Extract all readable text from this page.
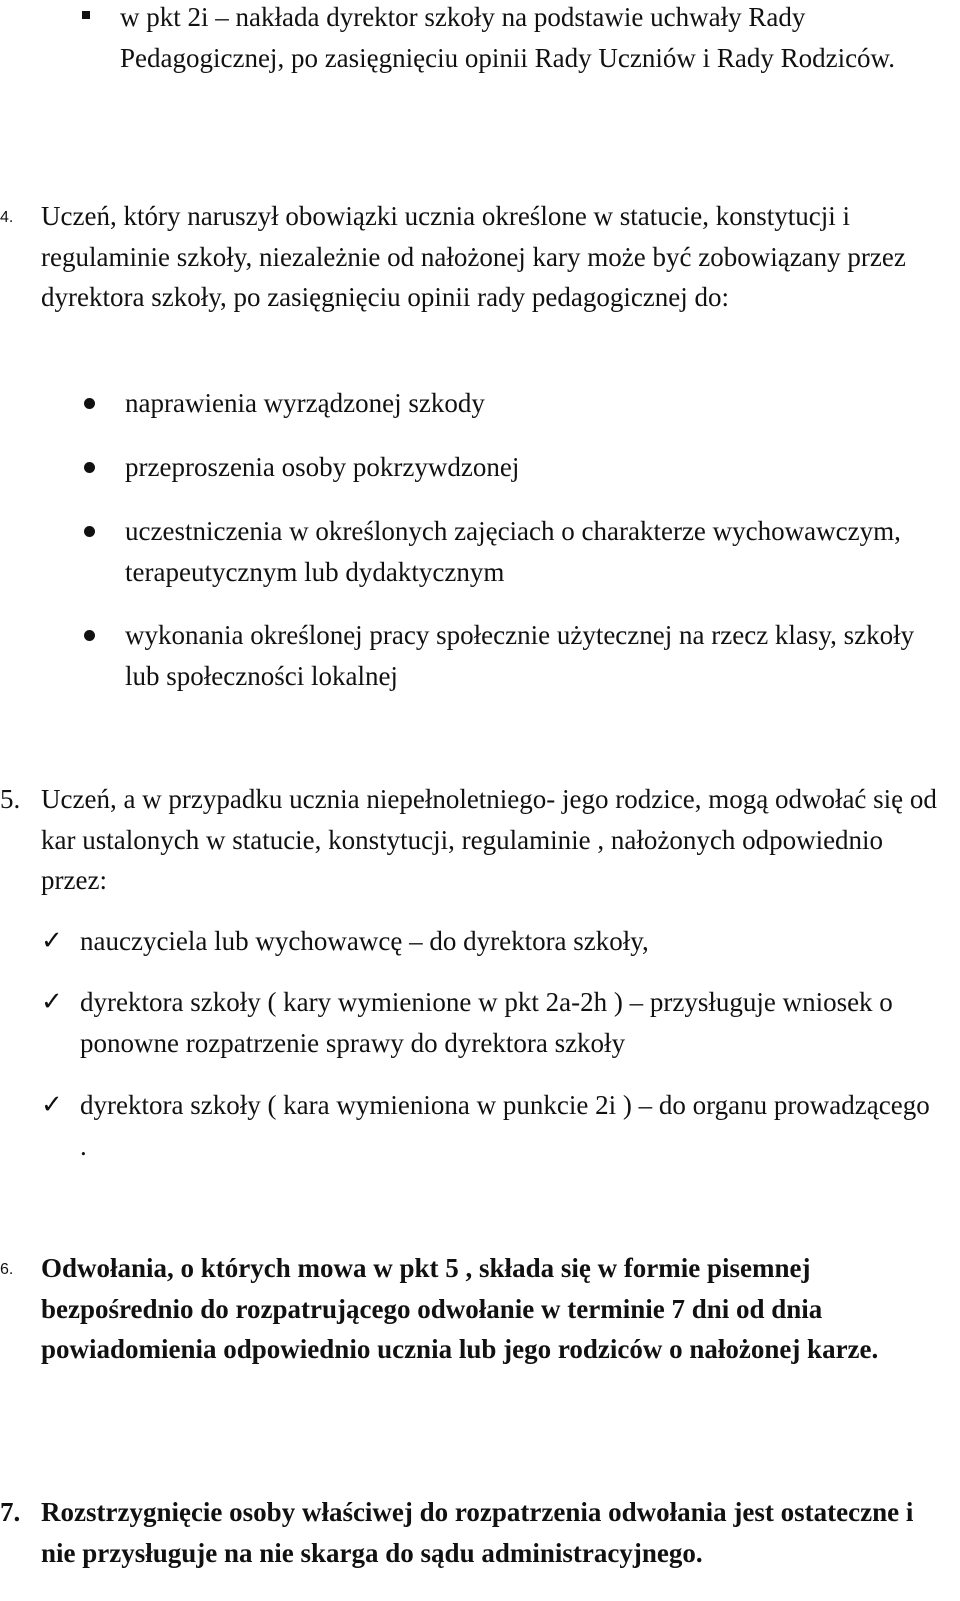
w pkt 2i – nakłada dyrektor szkoły na podstawie uchwały Rady Pedagogicznej, po zasięgnięciu opinii Rady Uczniów i Rady Rodziców.
4. Uczeń, który naruszył obowiązki ucznia określone w statucie, konstytucji i regulaminie szkoły, niezależnie od nałożonej kary może być zobowiązany przez dyrektora szkoły, po zasięgnięciu opinii rady pedagogicznej do:
naprawienia wyrządzonej szkody
przeproszenia osoby pokrzywdzonej
uczestniczenia w określonych zajęciach o charakterze wychowawczym, terapeutycznym lub dydaktycznym
wykonania określonej pracy społecznie użytecznej na rzecz klasy, szkoły lub społeczności lokalnej
5. Uczeń, a w przypadku ucznia niepełnoletniego- jego rodzice, mogą odwołać się od kar ustalonych w statucie, konstytucji, regulaminie , nałożonych odpowiednio przez:
✓ nauczyciela lub wychowawcę – do dyrektora szkoły,
✓ dyrektora szkoły ( kary wymienione w pkt 2a-2h ) – przysługuje wniosek o ponowne rozpatrzenie sprawy do dyrektora szkoły
✓ dyrektora szkoły ( kara wymieniona w punkcie 2i ) – do organu prowadzącego .
6. Odwołania, o których mowa w pkt 5 , składa się w formie pisemnej bezpośrednio do rozpatrującego odwołanie w terminie 7 dni od dnia powiadomienia odpowiednio ucznia lub jego rodziców o nałożonej karze.
7. Rozstrzygnięcie osoby właściwej do rozpatrzenia odwołania jest ostateczne i nie przysługuje na nie skarga do sądu administracyjnego.
